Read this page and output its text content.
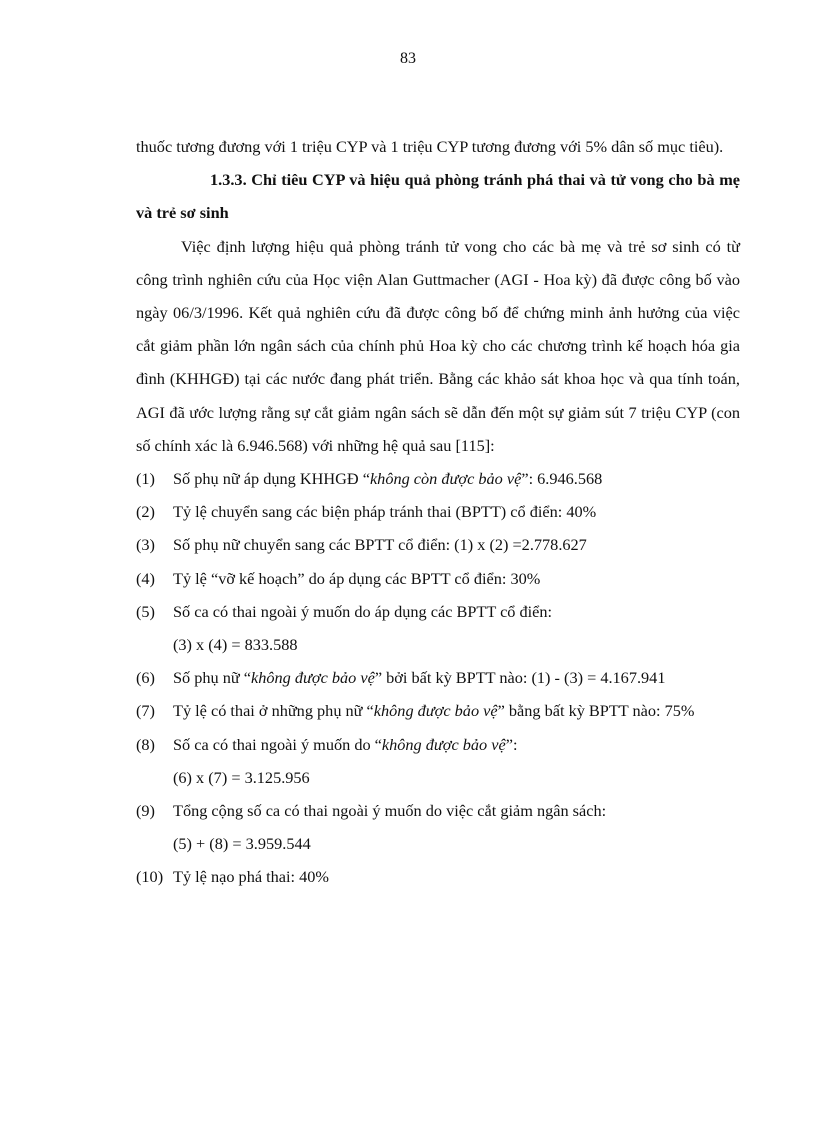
83

thuốc tương đương với 1 triệu CYP và 1 triệu CYP tương đương với 5% dân số mục tiêu).

1.3.3. Chỉ tiêu CYP và hiệu quả phòng tránh phá thai và tử vong cho bà mẹ và trẻ sơ sinh

Việc định lượng hiệu quả phòng tránh tử vong cho các bà mẹ và trẻ sơ sinh có từ công trình nghiên cứu của Học viện Alan Guttmacher (AGI - Hoa kỳ) đã được công bố vào ngày 06/3/1996. Kết quả nghiên cứu đã được công bố để chứng minh ảnh hưởng của việc cắt giảm phần lớn ngân sách của chính phủ Hoa kỳ cho các chương trình kế hoạch hóa gia đình (KHHGĐ) tại các nước đang phát triển. Bằng các khảo sát khoa học và qua tính toán, AGI đã ước lượng rằng sự cắt giảm ngân sách sẽ dẫn đến một sự giảm sút 7 triệu CYP (con số chính xác là 6.946.568) với những hệ quả sau [115]:

(1)	Số phụ nữ áp dụng KHHGĐ “không còn được bảo vệ”: 6.946.568
(2)	Tỷ lệ chuyển sang các biện pháp tránh thai (BPTT) cổ điển: 40%
(3)	Số phụ nữ chuyển sang các BPTT cổ điển: (1) x (2) =2.778.627
(4)	Tỷ lệ “vỡ kế hoạch” do áp dụng các BPTT cổ điển: 30%
(5)	Số ca có thai ngoài ý muốn do áp dụng các BPTT cổ điển:
(3) x (4) = 833.588
(6)	Số phụ nữ “không được bảo vệ” bởi bất kỳ BPTT nào: (1) - (3) = 4.167.941
(7)	Tỷ lệ có thai ở những phụ nữ “không được bảo vệ” bằng bất kỳ BPTT nào: 75%
(8)	Số ca có thai ngoài ý muốn do “không được bảo vệ”:
(6) x (7) = 3.125.956
(9)	Tổng cộng số ca có thai ngoài ý muốn do việc cắt giảm ngân sách:
(5) + (8) = 3.959.544
(10) Tỷ lệ nạo phá thai: 40%
